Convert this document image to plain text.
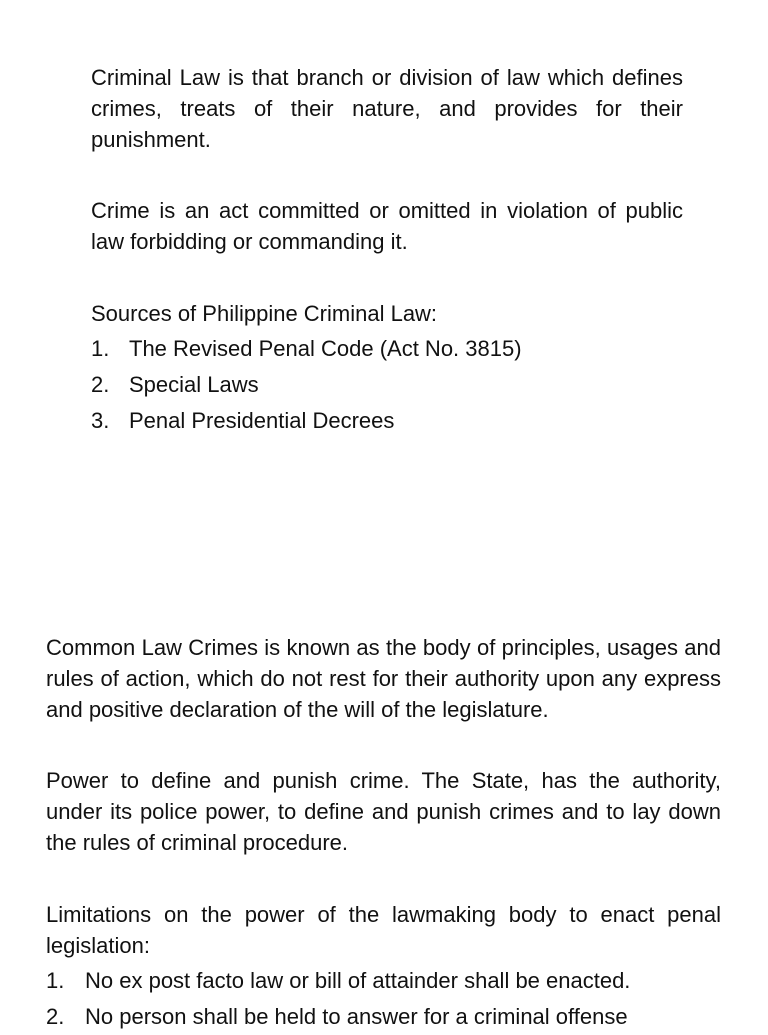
Criminal Law is that branch or division of law which defines crimes, treats of their nature, and provides for their punishment.

Crime is an act committed or omitted in violation of public law forbidding or commanding it.

Sources of Philippine Criminal Law:

1. The Revised Penal Code (Act No. 3815)
2. Special Laws
3. Penal Presidential Decrees

Common Law Crimes is known as the body of principles, usages and rules of action, which do not rest for their authority upon any express and positive declaration of the will of the legislature.

Power to define and punish crime. The State, has the authority, under its police power, to define and punish crimes and to lay down the rules of criminal procedure.

Limitations on the power of the lawmaking body to enact penal legislation:

1. No ex post facto law or bill of attainder shall be enacted.
2. No person shall be held to answer for a criminal offense
